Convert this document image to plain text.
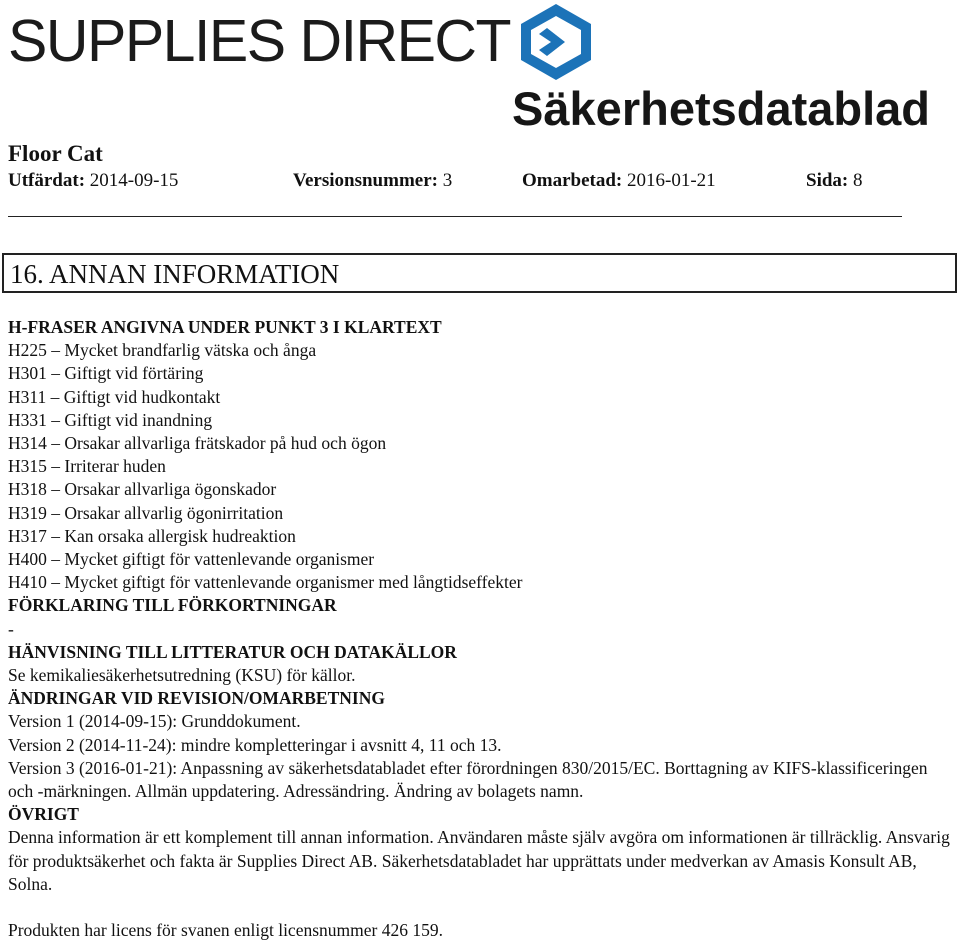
SUPPLIES DIRECT
Säkerhetsdatablad
Floor Cat
Utfärdat: 2014-09-15	Versionsnummer: 3	Omarbetad: 2016-01-21	Sida: 8
16. ANNAN INFORMATION
H-FRASER ANGIVNA UNDER PUNKT 3 I KLARTEXT
H225 – Mycket brandfarlig vätska och ånga
H301 – Giftigt vid förtäring
H311 – Giftigt vid hudkontakt
H331 – Giftigt vid inandning
H314 – Orsakar allvarliga frätskador på hud och ögon
H315 – Irriterar huden
H318 – Orsakar allvarliga ögonskador
H319 – Orsakar allvarlig ögonirritation
H317 – Kan orsaka allergisk hudreaktion
H400 – Mycket giftigt för vattenlevande organismer
H410 – Mycket giftigt för vattenlevande organismer med långtidseffekter
FÖRKLARING TILL FÖRKORTNINGAR
-
HÄNVISNING TILL LITTERATUR OCH DATAKÄLLOR
Se kemikaliesäkerhetsutredning (KSU) för källor.
ÄNDRINGAR VID REVISION/OMARBETNING
Version 1 (2014-09-15): Grunddokument.
Version 2 (2014-11-24): mindre kompletteringar i avsnitt 4, 11 och 13.
Version 3 (2016-01-21): Anpassning av säkerhetsdatabladet efter förordningen 830/2015/EC. Borttagning av KIFS-klassificeringen och -märkningen. Allmän uppdatering. Adressändring. Ändring av bolagets namn.
ÖVRIGT
Denna information är ett komplement till annan information. Användaren måste själv avgöra om informationen är tillräcklig. Ansvarig för produktsäkerhet och fakta är Supplies Direct AB. Säkerhetsdatabladet har upprättats under medverkan av Amasis Konsult AB, Solna.
Produkten har licens för svanen enligt licensnummer 426 159.
